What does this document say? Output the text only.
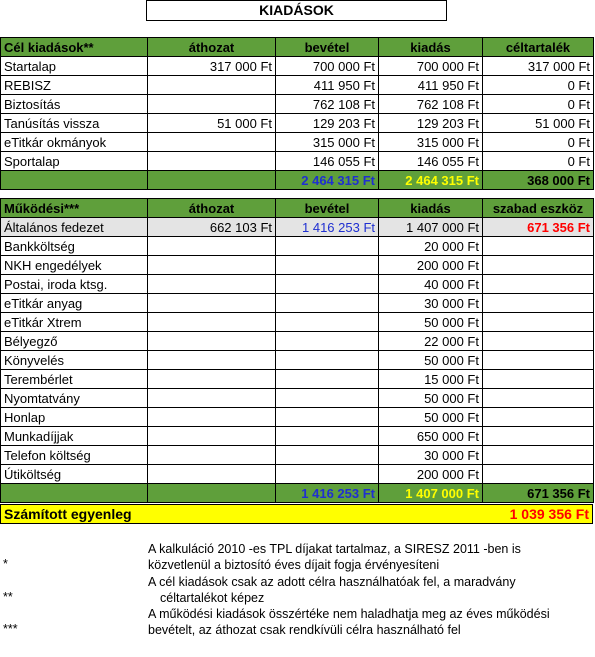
KIADÁSOK
Cél kiadások**	áthozat	bevétel	kiadás	céltartalék
Startalap	317 000 Ft	700 000 Ft	700 000 Ft	317 000 Ft
REBISZ		411 950 Ft	411 950 Ft	0 Ft
Biztosítás		762 108 Ft	762 108 Ft	0 Ft
Tanúsítás vissza	51 000 Ft	129 203 Ft	129 203 Ft	51 000 Ft
eTitkár okmányok		315 000 Ft	315 000 Ft	0 Ft
Sportalap		146 055 Ft	146 055 Ft	0 Ft
		2 464 315 Ft	2 464 315 Ft	368 000 Ft
Működési***	áthozat	bevétel	kiadás	szabad eszköz
Általános fedezet	662 103 Ft	1 416 253 Ft	1 407 000 Ft	671 356 Ft
Bankköltség			20 000 Ft	
NKH engedélyek			200 000 Ft	
Postai, iroda ktsg.			40 000 Ft	
eTitkár anyag			30 000 Ft	
eTitkár Xtrem			50 000 Ft	
Bélyegző			22 000 Ft	
Könyvelés			50 000 Ft	
Terembérlet			15 000 Ft	
Nyomtatvány			50 000 Ft	
Honlap			50 000 Ft	
Munkadíjjak			650 000 Ft	
Telefon költség			30 000 Ft	
Útiköltség			200 000 Ft	
		1 416 253 Ft	1 407 000 Ft	671 356 Ft
Számított egyenleg	1 039 356 Ft
*
A kalkuláció 2010 -es TPL díjakat tartalmaz, a SIRESZ 2011 -ben is
közvetlenül a biztosító éves díjait fogja érvényesíteni
**
A cél kiadások csak az adott célra használhatóak fel, a maradvány
céltartalékot képez
***
A működési kiadások összértéke nem haladhatja meg az éves működési
bevételt, az áthozat csak rendkívüli célra használható fel
